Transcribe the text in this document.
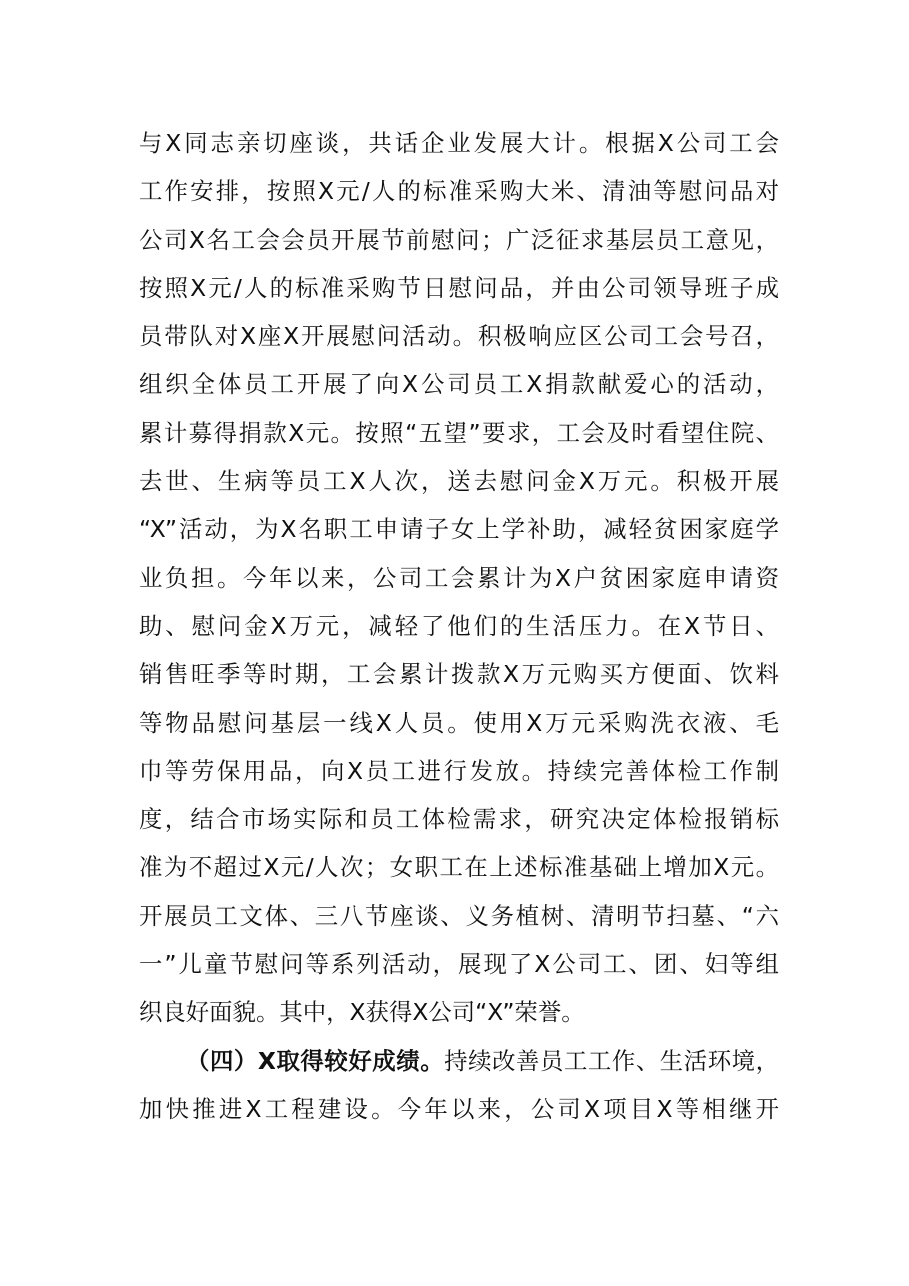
与X同志亲切座谈，共话企业发展大计。根据X公司工会
工作安排，按照X元/人的标准采购大米、清油等慰问品对
公司X名工会会员开展节前慰问；广泛征求基层员工意见，
按照X元/人的标准采购节日慰问品，并由公司领导班子成
员带队对X座X开展慰问活动。积极响应区公司工会号召，
组织全体员工开展了向X公司员工X捐款献爱心的活动，
累计募得捐款X元。按照“五望”要求，工会及时看望住院、
去世、生病等员工X人次，送去慰问金X万元。积极开展
“X”活动，为X名职工申请子女上学补助，减轻贫困家庭学
业负担。今年以来，公司工会累计为X户贫困家庭申请资
助、慰问金X万元，减轻了他们的生活压力。在X节日、
销售旺季等时期，工会累计拨款X万元购买方便面、饮料
等物品慰问基层一线X人员。使用X万元采购洗衣液、毛
巾等劳保用品，向X员工进行发放。持续完善体检工作制
度，结合市场实际和员工体检需求，研究决定体检报销标
准为不超过X元/人次；女职工在上述标准基础上增加X元。
开展员工文体、三八节座谈、义务植树、清明节扫墓、“六
一”儿童节慰问等系列活动，展现了X公司工、团、妇等组
织良好面貌。其中，X获得X公司“X”荣誉。
（四）X取得较好成绩。持续改善员工工作、生活环境，
加快推进X工程建设。今年以来，公司X项目X等相继开
